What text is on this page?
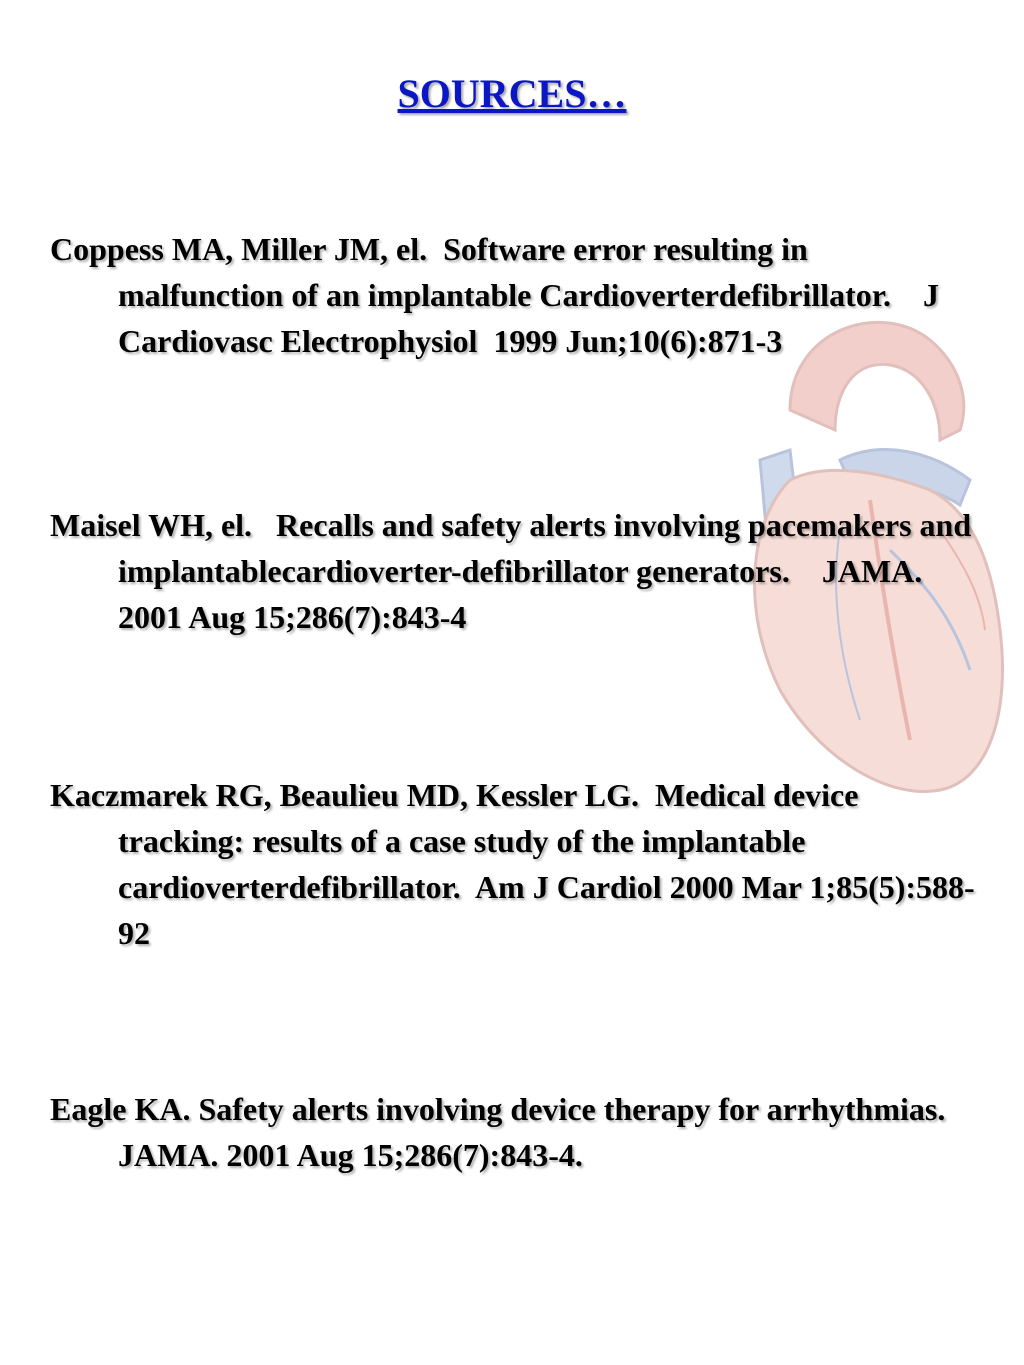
SOURCES…

Coppess MA, Miller JM, el.  Software error resulting in malfunction of an implantable Cardioverterdefibrillator.    J Cardiovasc Electrophysiol  1999 Jun;10(6):871-3

Maisel WH, el.   Recalls and safety alerts involving pacemakers and implantablecardioverter-defibrillator generators.    JAMA. 2001 Aug 15;286(7):843-4

Kaczmarek RG, Beaulieu MD, Kessler LG.  Medical device tracking: results of a case study of the implantable cardioverterdefibrillator.  Am J Cardiol 2000 Mar 1;85(5):588-92

Eagle KA. Safety alerts involving device therapy for arrhythmias. JAMA. 2001 Aug 15;286(7):843-4.
